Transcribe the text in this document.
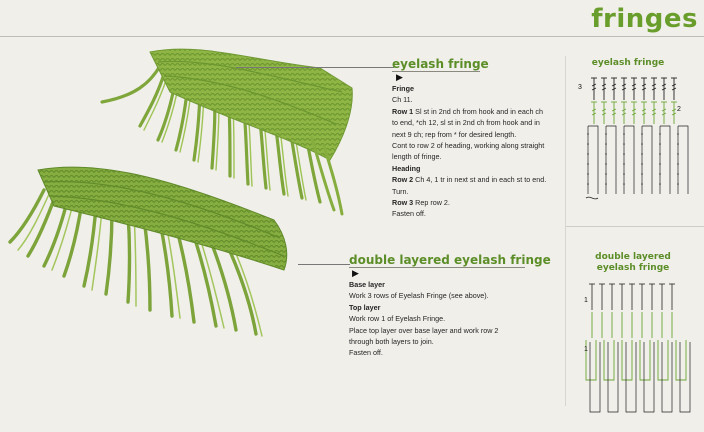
fringes
eyelash fringe
▶
Fringe
Ch 11.
Row 1 Sl st in 2nd ch from hook and in each ch
to end, *ch 12, sl st in 2nd ch from hook and in
next 9 ch; rep from * for desired length.
Cont to row 2 of heading, working along straight
length of fringe.
Heading
Row 2 Ch 4, 1 tr in next st and in each st to end.
Turn.
Row 3 Rep row 2.
Fasten off.
double layered eyelash fringe
▶
Base layer
Work 3 rows of Eyelash Fringe (see above).
Top layer
Work row 1 of Eyelash Fringe.
Place top layer over base layer and work row 2
through both layers to join.
Fasten off.
eyelash fringe
3
2
double layered
eyelash fringe
1
1
